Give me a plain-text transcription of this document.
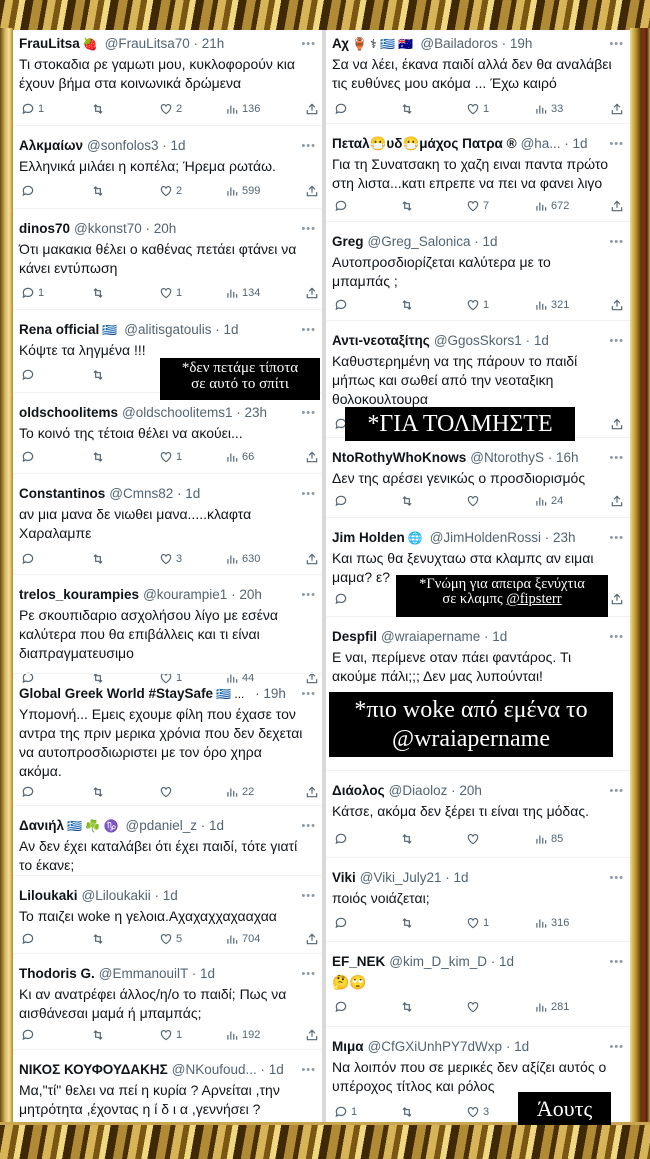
FrauLitsa 🍓 @FrauLitsa70 · 21h	•••
Τι στοκαδια ρε γαμωτι μου, κυκλοφορούν κια
έχουν βήμα στα κοινωνικά δρώμενα
1	2	136
Αλκμαίων @sonfolos3 · 1d	•••
Ελληνικά μιλάει η κοπέλα; Ήρεμα ρωτάω.
2	599
dinos70 @kkonst70 · 20h	•••
Ότι μακακια θέλει ο καθένας πετάει φτάνει να
κάνει εντύπωση
1	1	134
Rena official 🇬🇷 @alitisgatoulis · 1d	•••
Κόψτε τα ληγμένα !!!
oldschoolitems @oldschoolitems1 · 23h	•••
Το κοινό της τέτοια θέλει να ακούει...
1	66
Constantinos @Cmns82 · 1d	•••
αν μια μανα δε νιωθει μανα.....κλαφτα
Χαραλαμπε
3	630
trelos_kourampies @kourampie1 · 20h	•••
Ρε σκουπιδαριο ασχολήσου λίγο με εσένα
καλύτερα που θα επιβάλλεις και τι είναι
διαπραγματευσιμο
1	44
Global Greek World #StaySafe 🇬🇷 ... · 19h •••
Υπομονή... Εμεις εχουμε φίλη που έχασε τον
αντρα της πριν μερικα χρόνια που δεν δεχεται
να αυτοπροσδιωριστει με τον όρο χηρα
ακόμα.
22
Δανιήλ 🇬🇷 ☘️ ♑ @pdaniel_z · 1d	•••
Αν δεν έχει καταλάβει ότι έχει παιδί, τότε γιατί
το έκανε;
Liloukaki @Liloukakii · 1d	•••
Το παιζει woke η γελοια.Αχαχαχχαχααχαα
5	704
Thodoris G. @EmmanouilT · 1d	•••
Κι αν ανατρέφει άλλος/η/ο το παιδί; Πως να
αισθάνεσαι μαμά ή μπαμπάς;
1	192
ΝΙΚΟΣ ΚΟΥΦΟΥΔΑΚΗΣ @NKoufoud... · 1d •••
Μα,"τί" θελει να πεί η κυρία ? Αρνείται ,την
μητρότητα ,έχοντας η ί δ ι α ,γεννήσει ?
Αχ 🏺 ⚕ 🇬🇷 🇦🇺 @Bailadoros · 19h	•••
Σα να λέει, έκανα παιδί αλλά δεν θα αναλάβει
τις ευθύνες μου ακόμα ... Έχω καιρό
1	33
Πεταλ😷υδ😷μάχος Πατρα ® @ha... · 1d •••
Για τη Συνατσακη το χαζη ειναι παντα πρώτο
στη λιστα...κατι επρεπε να πει να φανει λιγο
7	672
Greg @Greg_Salonica · 1d	•••
Αυτοπροσδιορίζεται καλύτερα με το
μπαμπάς ;
1	321
Αντι-νεοταξίτης @GgosSkors1 · 1d	•••
Καθυστερημένη να της πάρουν το παιδί
μήπως και σωθεί από την νεοταξικη
θολοκουλτουρα
NtoRothyWhoKnows @NtorothyS · 16h	•••
Δεν της αρέσει γενικώς ο προσδιορισμός
24
Jim Holden 🌐 @JimHoldenRossi · 23h	•••
Και πως θα ξενυχταω στα κλαμπς αν ειμαι
μαμα? ε?
Despfil @wraiapername · 1d	•••
Ε ναι, περίμενε οταν πάει φαντάρος. Τι
ακούμε πάλι;;; Δεν μας λυπούνται!
Διάολος @Diaoloz · 20h	•••
Κάτσε, ακόμα δεν ξέρει τι είναι της μόδας.
85
Viki @Viki_July21 · 1d	•••
ποιός νοιάζεται;
1	316
EF_NEK @kim_D_kim_D · 1d	•••
🤔🙄
281
Μιμα @CfGXiUnhPY7dWxp · 1d	•••
Να λοιπόν που σε μερικές δεν αξίζει αυτός ο
υπέροχος τίτλος και ρόλος
1	3
*δεν πετάμε τίποτα
σε αυτό το σπίτι
*ΓΙΑ ΤΟΛΜΗΣΤΕ
*Γνώμη για απειρα ξενύχτια
σε κλαμπς @fipsterr
*πιο woke από εμένα το
@wraiapername
Άουτς
